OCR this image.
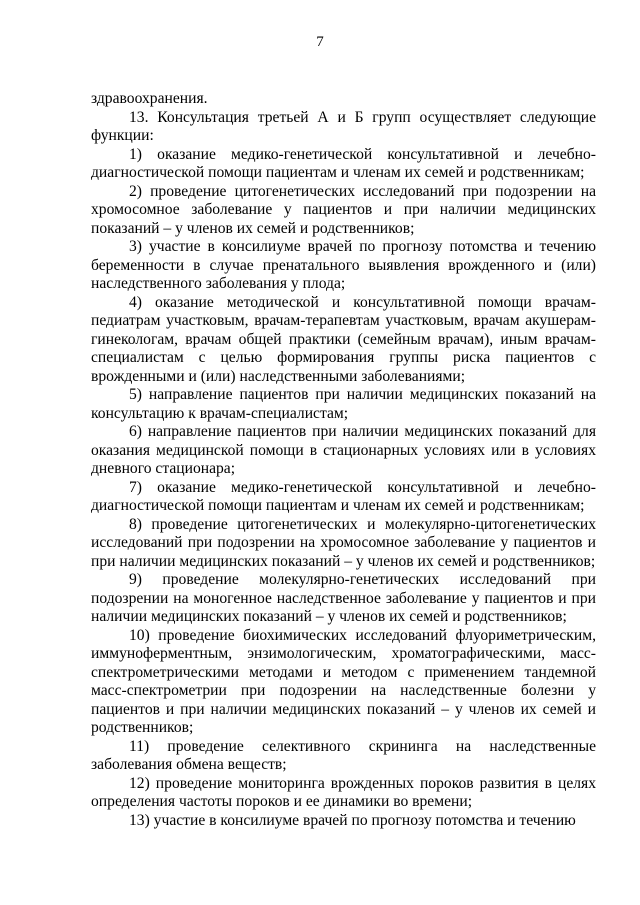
7

здравоохранения.

13. Консультация третьей А и Б групп осуществляет следующие функции:

1) оказание медико-генетической консультативной и лечебно-диагностической помощи пациентам и членам их семей и родственникам;

2) проведение цитогенетических исследований при подозрении на хромосомное заболевание у пациентов и при наличии медицинских показаний – у членов их семей и родственников;

3) участие в консилиуме врачей по прогнозу потомства и течению беременности в случае пренатального выявления врожденного и (или) наследственного заболевания у плода;

4) оказание методической и консультативной помощи врачам-педиатрам участковым, врачам-терапевтам участковым, врачам акушерам-гинекологам, врачам общей практики (семейным врачам), иным врачам-специалистам с целью формирования группы риска пациентов с врожденными и (или) наследственными заболеваниями;

5) направление пациентов при наличии медицинских показаний на консультацию к врачам-специалистам;

6) направление пациентов при наличии медицинских показаний для оказания медицинской помощи в стационарных условиях или в условиях дневного стационара;

7) оказание медико-генетической консультативной и лечебно-диагностической помощи пациентам и членам их семей и родственникам;

8) проведение цитогенетических и молекулярно-цитогенетических исследований при подозрении на хромосомное заболевание у пациентов и при наличии медицинских показаний – у членов их семей и родственников;

9) проведение молекулярно-генетических исследований при подозрении на моногенное наследственное заболевание у пациентов и при наличии медицинских показаний – у членов их семей и родственников;

10) проведение биохимических исследований флуориметрическим, иммуноферментным, энзимологическим, хроматографическими, масс-спектрометрическими методами и методом с применением тандемной масс-спектрометрии при подозрении на наследственные болезни у пациентов и при наличии медицинских показаний – у членов их семей и родственников;

11) проведение селективного скрининга на наследственные заболевания обмена веществ;

12) проведение мониторинга врожденных пороков развития в целях определения частоты пороков и ее динамики во времени;

13) участие в консилиуме врачей по прогнозу потомства и течению
